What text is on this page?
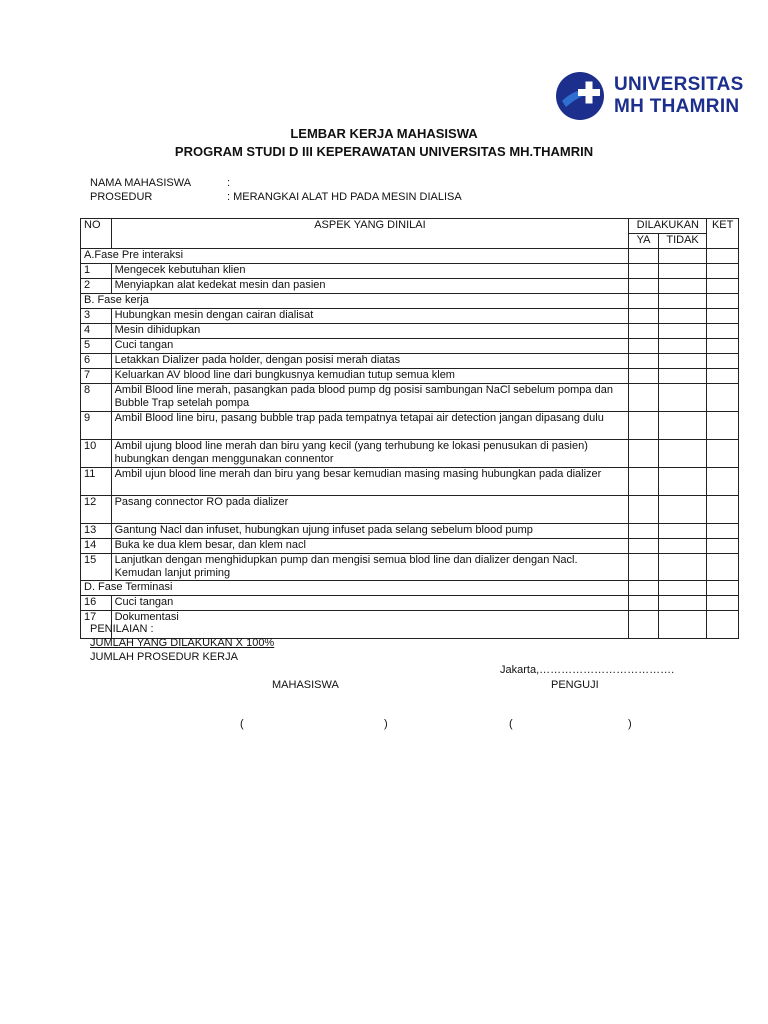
UNIVERSITAS
MH THAMRIN
LEMBAR KERJA MAHASISWA
PROGRAM STUDI D III KEPERAWATAN UNIVERSITAS MH.THAMRIN
NAMA MAHASISWA	:
PROSEDUR	: MERANGKAI ALAT HD PADA MESIN DIALISA
NO	ASPEK YANG DINILAI	DILAKUKAN		KET
		YA	TIDAK	
A.Fase Pre interaksi				
1	Mengecek kebutuhan klien			
2	Menyiapkan alat kedekat mesin dan pasien			
B. Fase kerja				
3	Hubungkan mesin dengan cairan dialisat			
4	Mesin dihidupkan			
5	Cuci tangan			
6	Letakkan Dializer pada holder, dengan posisi merah diatas			
7	Keluarkan AV blood line dari bungkusnya kemudian tutup semua klem			
8	Ambil Blood line merah, pasangkan pada blood pump dg posisi sambungan NaCl sebelum pompa dan Bubble Trap setelah pompa			
9	Ambil Blood line biru, pasang bubble trap pada tempatnya tetapai air detection jangan dipasang dulu			
10	Ambil ujung blood line merah dan biru yang kecil (yang terhubung ke lokasi penusukan di pasien) hubungkan dengan menggunakan connentor			
11	Ambil ujun blood line merah dan biru yang besar kemudian masing masing hubungkan pada dializer			
12	Pasang connector RO pada dializer			
13	Gantung Nacl dan infuset, hubungkan ujung infuset pada selang sebelum blood pump			
14	Buka ke dua klem besar, dan klem nacl			
15	Lanjutkan dengan menghidupkan pump dan mengisi semua blod line dan dializer dengan Nacl. Kemudan lanjut priming			
D. Fase Terminasi				
16	Cuci tangan			
17	Dokumentasi			
PENILAIAN :
JUMLAH YANG DILAKUKAN X 100%
JUMLAH PROSEDUR KERJA
Jakarta,……………………………….
MAHASISWA	PENGUJI
(	)	(	)
